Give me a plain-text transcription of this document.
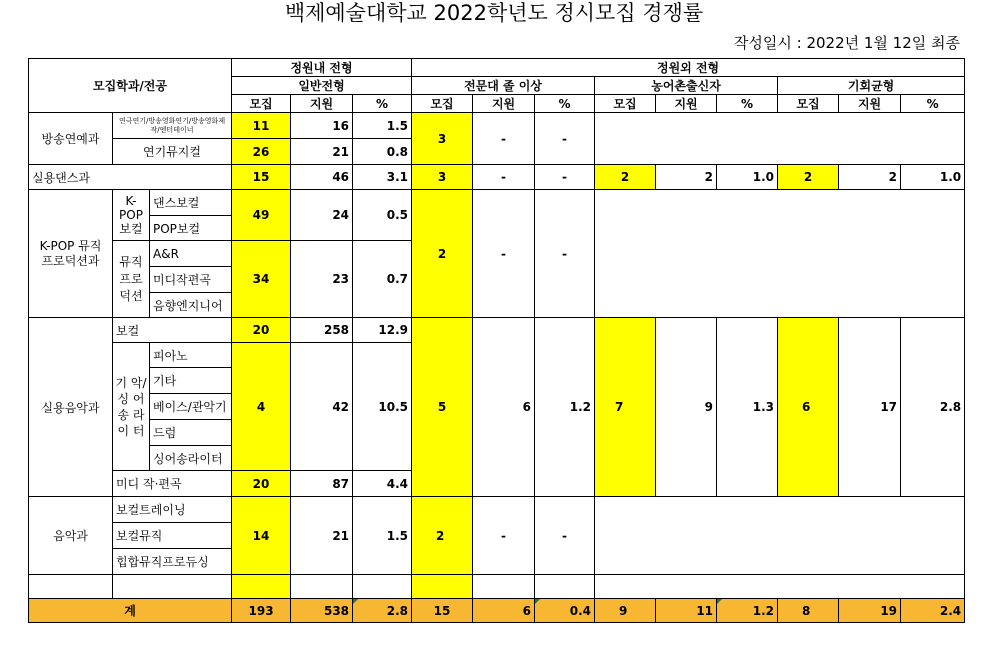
백제예술대학교 2022학년도 정시모집 경쟁률
작성일시 : 2022년 1월 12일 최종
모집학과/전공			정원내 전형			정원외 전형								
			일반전형			전문대 졸 이상			농어촌출신자			기회균형		
			모집	지원	%	모집	지원	%	모집	지원	%	모집	지원	%
방송연예과	연극연기/방송영화연기/방송영화제작/엔터테이너		11	16	1.5	3	-	-						
	연기뮤지컬		26	21	0.8									
실용댄스과			15	46	3.1	3	-	-	2	2	1.0	2	2	1.0
K-POP 뮤직 프로덕션과	K-POP 보컬	댄스보컬	49	24	0.5	2	-	-						
		POP보컬												
	뮤직 프로 덕션	A&R	34	23	0.7									
		미디작편곡												
		음향엔지니어												
실용음악과	보컬		20	258	12.9	5	6	1.2	7	9	1.3	6	17	2.8
	기 악/싱 어송 라이 터	피아노	4	42	10.5									
		기타												
		베이스/관악기												
		드럼												
		싱어송라이터												
	미디 작·편곡		20	87	4.4									
음악과	보컬트레이닝		14	21	1.5	2	-	-						
	보컬뮤직													
	힙합뮤직프로듀싱													

계			193	538	2.8	15	6	0.4	9	11	1.2	8	19	2.4
